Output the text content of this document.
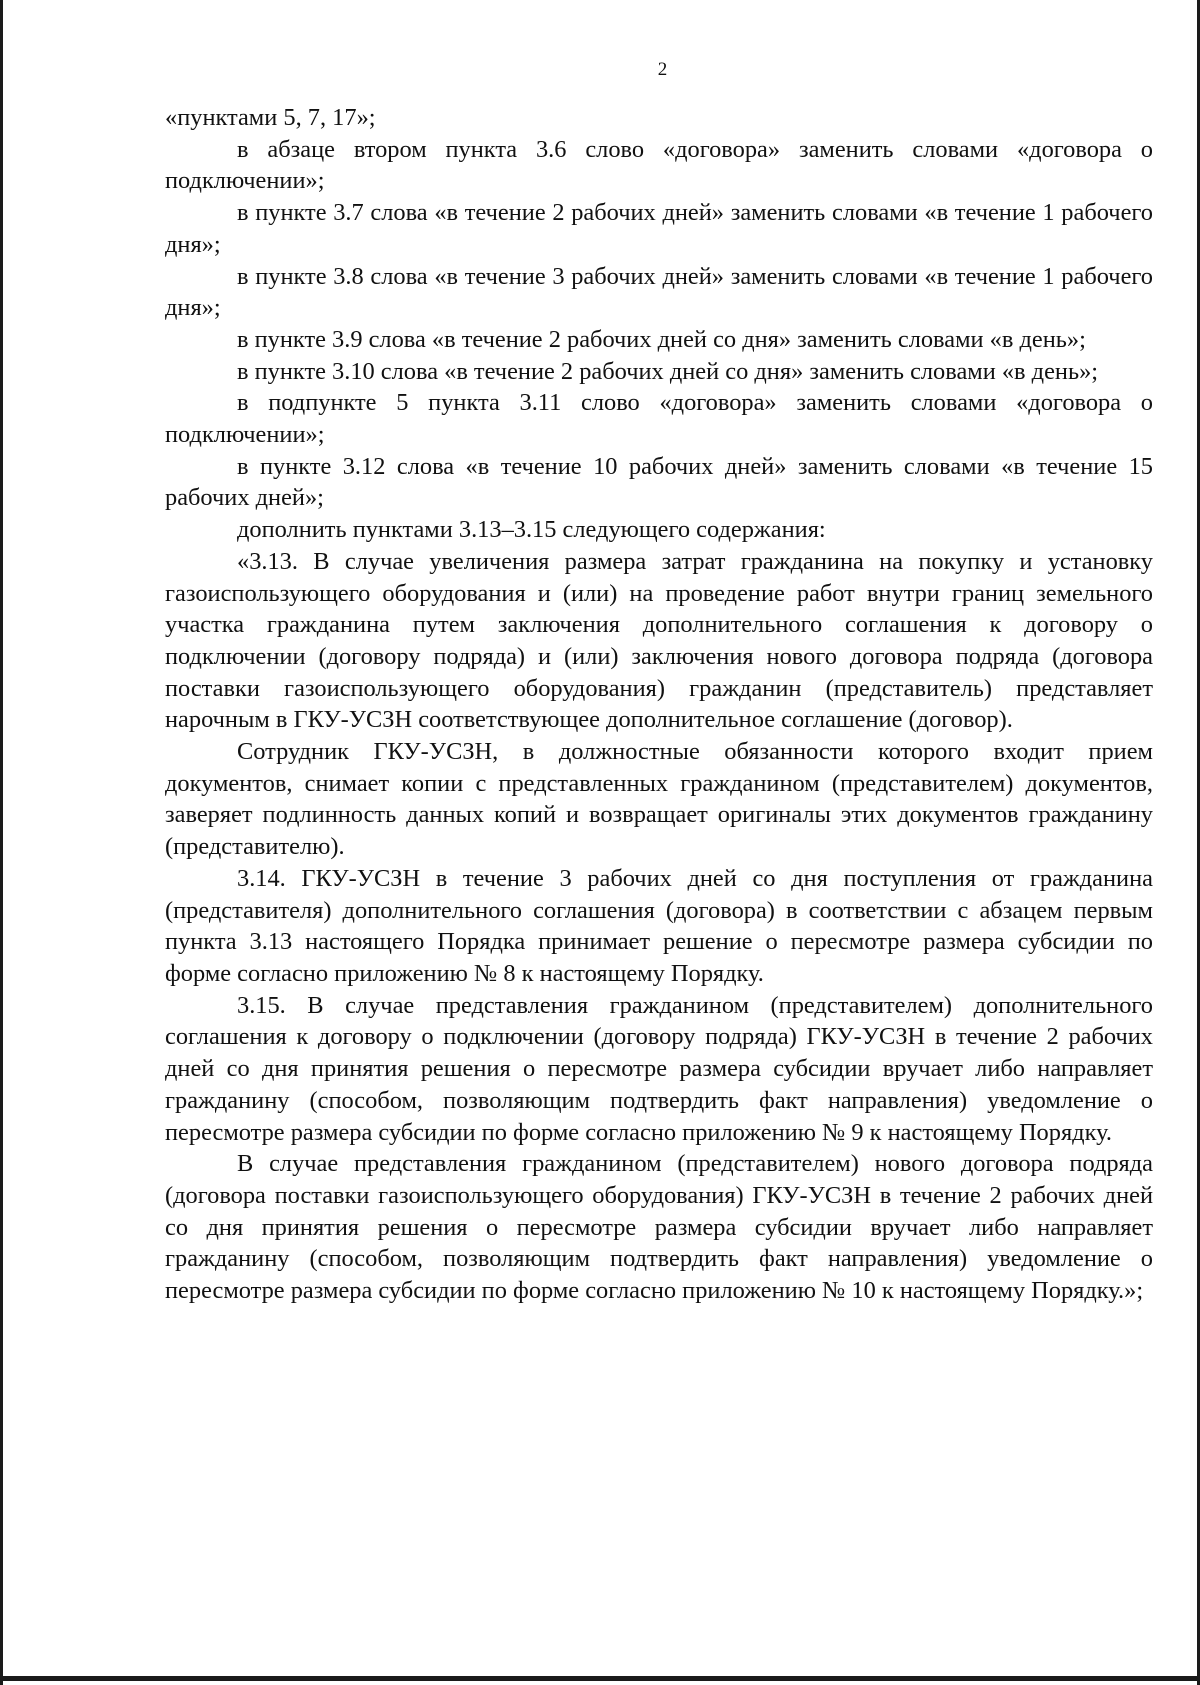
2

«пунктами 5, 7, 17»;

в абзаце втором пункта 3.6 слово «договора» заменить словами «договора о подключении»;

в пункте 3.7 слова «в течение 2 рабочих дней» заменить словами «в течение 1 рабочего дня»;

в пункте 3.8 слова «в течение 3 рабочих дней» заменить словами «в течение 1 рабочего дня»;

в пункте 3.9 слова «в течение 2 рабочих дней со дня» заменить словами «в день»;

в пункте 3.10 слова «в течение 2 рабочих дней со дня» заменить словами «в день»;

в подпункте 5 пункта 3.11 слово «договора» заменить словами «договора о подключении»;

в пункте 3.12 слова «в течение 10 рабочих дней» заменить словами «в течение 15 рабочих дней»;

дополнить пунктами 3.13–3.15 следующего содержания:

«3.13. В случае увеличения размера затрат гражданина на покупку и установку газоиспользующего оборудования и (или) на проведение работ внутри границ земельного участка гражданина путем заключения дополнительного соглашения к договору о подключении (договору подряда) и (или) заключения нового договора подряда (договора поставки газоиспользующего оборудования) гражданин (представитель) представляет нарочным в ГКУ-УСЗН соответствующее дополнительное соглашение (договор).

Сотрудник ГКУ-УСЗН, в должностные обязанности которого входит прием документов, снимает копии с представленных гражданином (представителем) документов, заверяет подлинность данных копий и возвращает оригиналы этих документов гражданину (представителю).

3.14. ГКУ-УСЗН в течение 3 рабочих дней со дня поступления от гражданина (представителя) дополнительного соглашения (договора) в соответствии с абзацем первым пункта 3.13 настоящего Порядка принимает решение о пересмотре размера субсидии по форме согласно приложению № 8 к настоящему Порядку.

3.15. В случае представления гражданином (представителем) дополнительного соглашения к договору о подключении (договору подряда) ГКУ-УСЗН в течение 2 рабочих дней со дня принятия решения о пересмотре размера субсидии вручает либо направляет гражданину (способом, позволяющим подтвердить факт направления) уведомление о пересмотре размера субсидии по форме согласно приложению № 9 к настоящему Порядку.

В случае представления гражданином (представителем) нового договора подряда (договора поставки газоиспользующего оборудования) ГКУ-УСЗН в течение 2 рабочих дней со дня принятия решения о пересмотре размера субсидии вручает либо направляет гражданину (способом, позволяющим подтвердить факт направления) уведомление о пересмотре размера субсидии по форме согласно приложению № 10 к настоящему Порядку.»;
